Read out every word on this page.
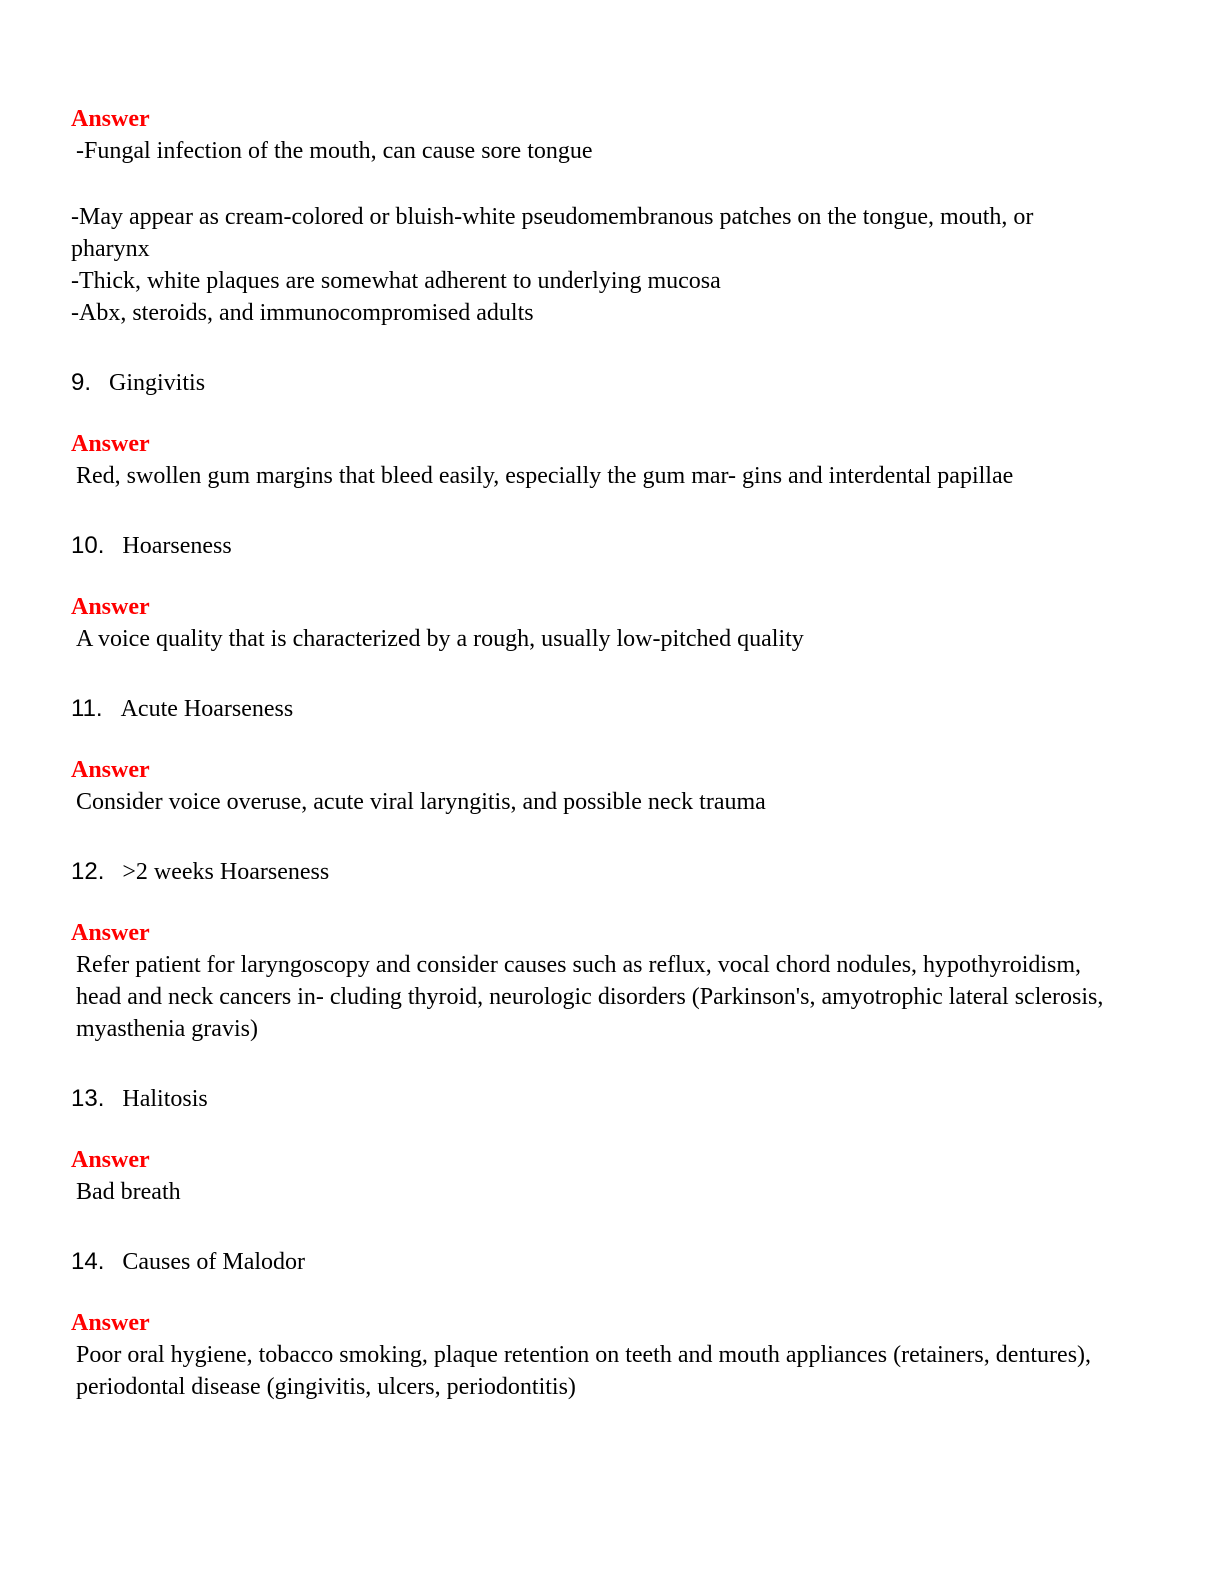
Answer
-Fungal infection of the mouth, can cause sore tongue
-May appear as cream-colored or bluish-white pseudomembranous patches on the tongue, mouth, or pharynx
-Thick, white plaques are somewhat adherent to underlying mucosa
-Abx, steroids, and immunocompromised adults
9. Gingivitis
Answer
Red, swollen gum margins that bleed easily, especially the gum mar- gins and interdental papillae
10. Hoarseness
Answer
A voice quality that is characterized by a rough, usually low-pitched quality
11. Acute Hoarseness
Answer
Consider voice overuse, acute viral laryngitis, and possible neck trauma
12. >2 weeks Hoarseness
Answer
Refer patient for laryngoscopy and consider causes such as reflux, vocal chord nodules, hypothyroidism, head and neck cancers in- cluding thyroid, neurologic disorders (Parkinson's, amyotrophic lateral sclerosis, myasthenia gravis)
13. Halitosis
Answer
Bad breath
14. Causes of Malodor
Answer
Poor oral hygiene, tobacco smoking, plaque retention on teeth and mouth appliances (retainers, dentures), periodontal disease (gingivitis, ulcers, periodontitis)
